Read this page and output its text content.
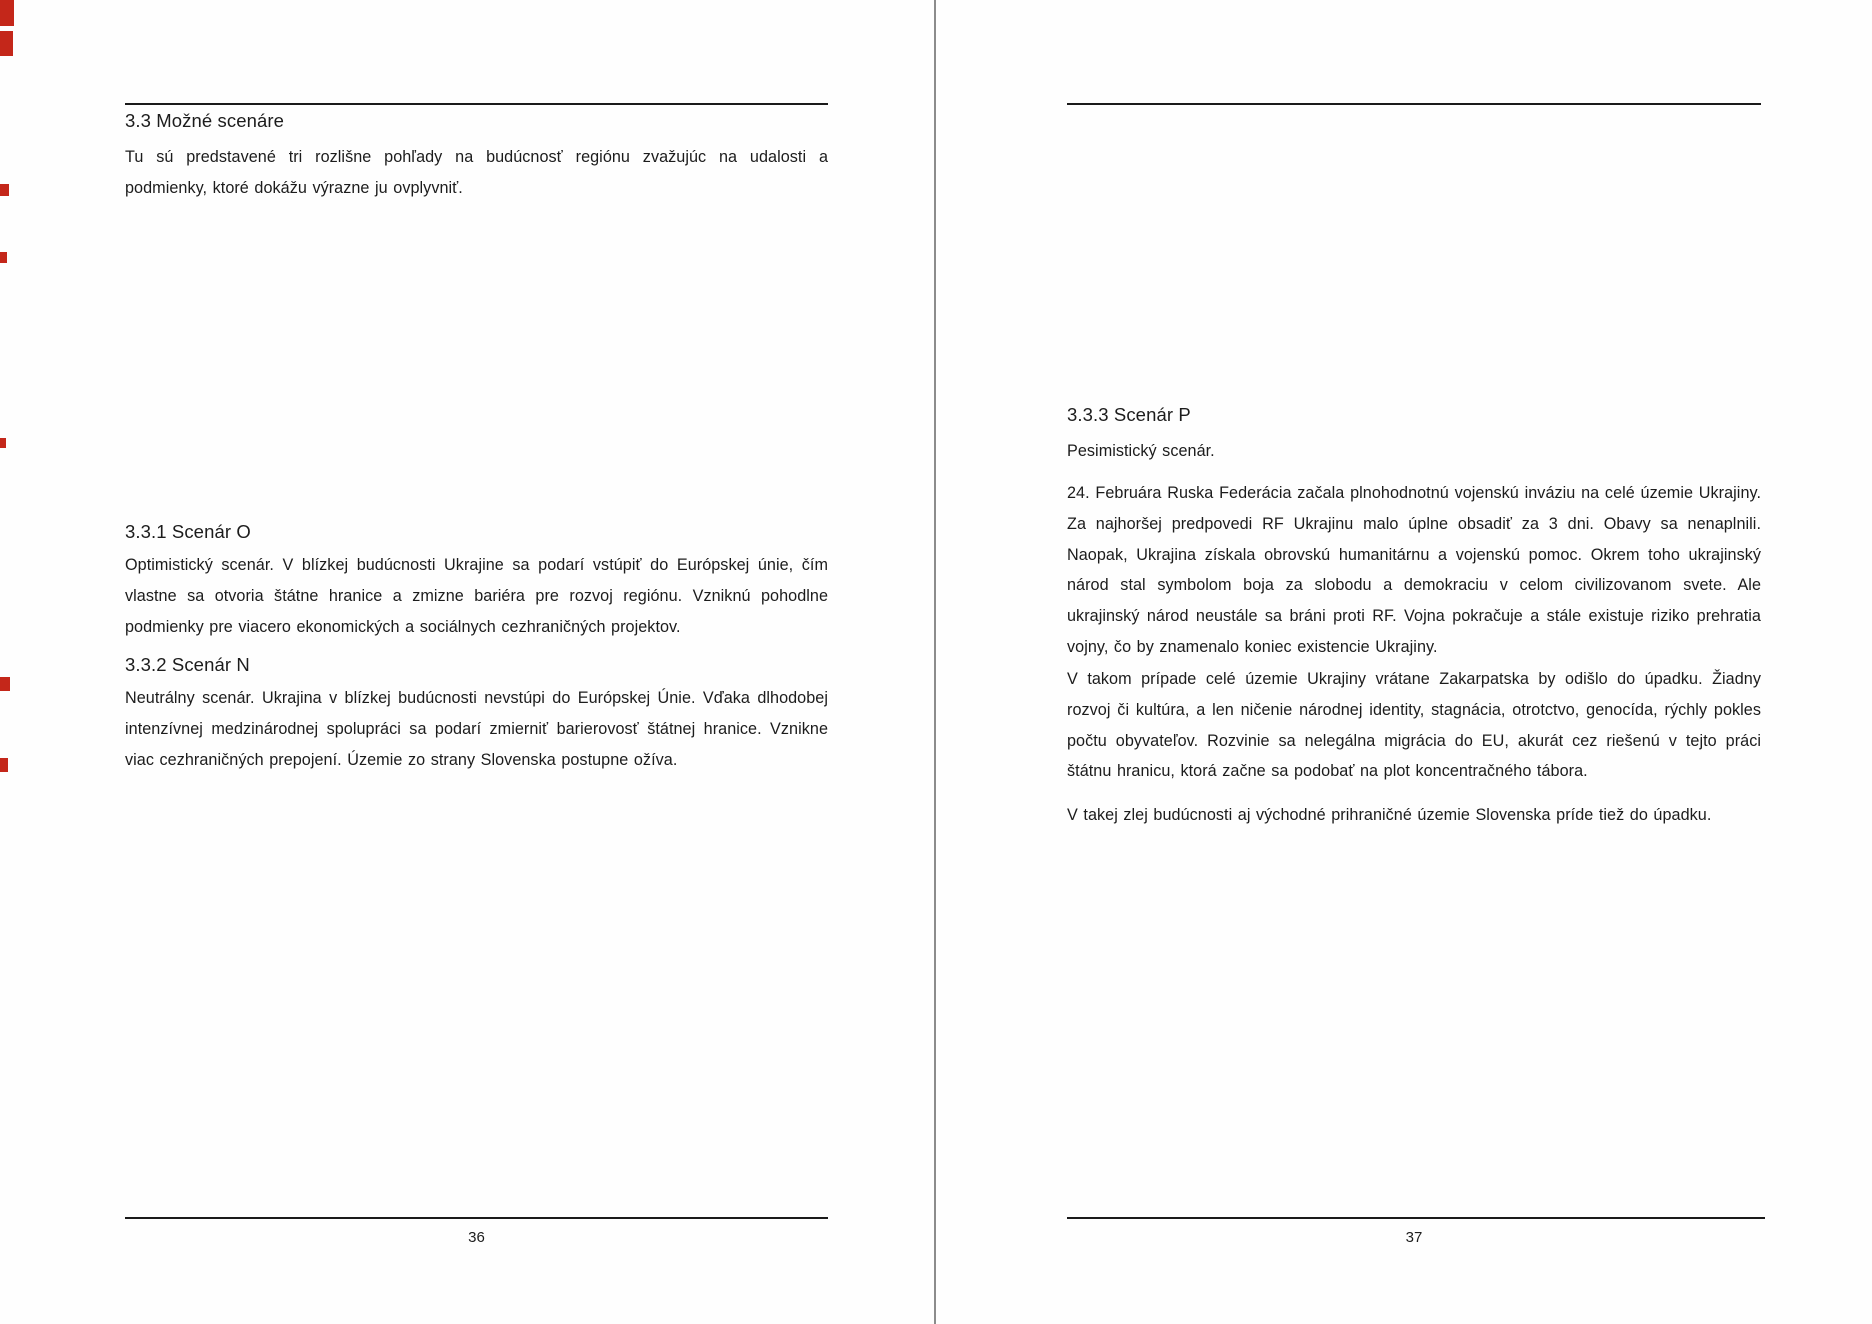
3.3 Možné scenáre
Tu sú predstavené tri rozlišne pohľady na budúcnosť regiónu zvažujúc na udalosti a podmienky, ktoré dokážu výrazne ju ovplyvniť.
3.3.1 Scenár O
Optimistický scenár. V blízkej budúcnosti Ukrajine sa podarí vstúpiť do Európskej únie, čím vlastne sa otvoria štátne hranice a zmizne bariéra pre rozvoj regiónu. Vzniknú pohodlne podmienky pre viacero ekonomických a sociálnych cezhraničných projektov.
3.3.2 Scenár N
Neutrálny scenár. Ukrajina v blízkej budúcnosti nevstúpi do Európskej Únie. Vďaka dlhodobej intenzívnej medzinárodnej spolupráci sa podarí zmierniť barierovosť štátnej hranice. Vznikne viac cezhraničných prepojení. Územie zo strany Slovenska postupne ožíva.
36
3.3.3 Scenár P
Pesimistický scenár.
24. Februára Ruska Federácia začala plnohodnotnú vojenskú inváziu na celé územie Ukrajiny. Za najhoršej predpovedi RF Ukrajinu malo úplne obsadiť za 3 dni. Obavy sa nenaplnili. Naopak, Ukrajina získala obrovskú humanitárnu a vojenskú pomoc. Okrem toho ukrajinský národ stal symbolom boja za slobodu a demokraciu v celom civilizovanom svete. Ale ukrajinský národ neustále sa bráni proti RF. Vojna pokračuje a stále existuje riziko prehratia vojny, čo by znamenalo koniec existencie Ukrajiny.
V takom prípade celé územie Ukrajiny vrátane Zakarpatska by odišlo do úpadku. Žiadny rozvoj či kultúra, a len ničenie národnej identity, stagnácia, otrotctvo, genocída, rýchly pokles počtu obyvateľov. Rozvinie sa nelegálna migrácia do EU, akurát cez riešenú v tejto práci štátnu hranicu, ktorá začne sa podobať na plot koncentračného tábora.
V takej zlej budúcnosti aj východné prihraničné územie Slovenska príde tiež do úpadku.
37
